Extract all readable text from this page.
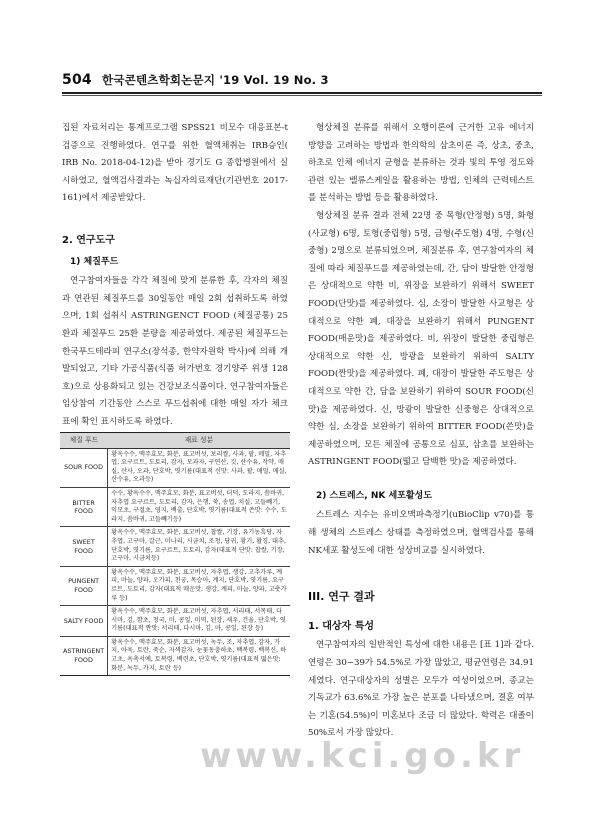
504 한국콘텐츠학회논문지 '19 Vol. 19 No. 3

집된 자료처리는 통계프로그램 SPSS21 비모수 대응표본-t검증으로 진행하였다. 연구를 위한 혈액채취는 IRB승인( IRB No. 2018-04-12)을 받아 경기도 G 종합병원에서 실시하였고, 혈액검사결과는 녹십자의료재단(기관번호 2017-161)에서 제공받았다.

2. 연구도구

1) 체질푸드

연구참여자들을 각각 체질에 맞게 분류한 후, 각자의 체질과 연관된 체질푸드를 30일동안 매일 2회 섭취하도록 하였으며, 1회 섭취시 ASTRINGENCT FOOD (체질공통) 25환과 체질푸드 25환 분량을 제공하였다. 제공된 체질푸드는 한국푸드테라피 연구소(장석종, 한약자원학 박사)에 의해 개발되었고, 기타 가공식품(식품 허가번호 경기양주 위생 128호)으로 상용화되고 있는 건강보조식품이다. 연구참여자들은 임상참여 기간동안 스스로 푸드섭취에 대한 매일 자가 체크표에 확인 표시하도록 하였다.

체질 푸드	재료 성분
SOUR FOOD	황옥수수, 맥주효모, 화분, 표고버섯, 보리쌀, 사과, 팥, 메밀, 자추엽, 요구르트, 도토리, 감자, 모과자, 구연산, 깃, 산수유, 작약, 매실, 산사, 오과, 단호박, 엿기름(대표적 신맛: 사과, 팥, 매밀, 매실, 산수유, 오과등)
BITTER FOOD	수수, 황옥수수, 맥주효모, 화분, 표고버섯, 더덕, 도라지, 씀바귀, 자추엽 요구르트, 도토리, 감자, 은행, 쑥, 송엽, 치실, 고들빼기, 익모초, 구절초, 영지, 백출, 단호박, 엿기름(대표적 쓴맛: 수수, 도라지, 씀바귀, 고들빼기등)
SWEET FOOD	황옥수수, 맥주효모, 화분, 표고버섯, 찹쌀, 기장, 유기농흑당, 자추엽, 고구마, 갈근, 미나리, 시금치, 조청, 당귀, 황기, 활징, 대추, 단호박, 엿기름, 요구르트, 도토리, 감자(대표적 단맛: 찹쌀, 기장, 고구마, 시금치등)
PUNGENT FOOD	황옥수수, 맥주효모, 화분, 표고버섯, 자추엽, 생강, 고추가루, 계피, 마늘, 양파, 오가피, 천궁, 목승아, 계지, 단호박, 엿기름, 요구르트, 도토리, 감자(대표적 매운맛: 생강, 계피, 마늘, 양파, 고춧가루 등)
SALTY FOOD	황옥수수, 맥주효모, 화분, 표고버섯, 자추엽, 서리태, 서목태, 다시마, 김, 함초, 청국, 미, 콩잎, 미역, 된장, 새우, 건율, 단호박, 엿기름(대표적 짠맛: 서리태, 다시마, 김, 마, 콩잎, 된장 등)
ASTRINGENT FOOD	황옥수수, 맥주효모, 화분, 표고버섯, 녹두, 조, 자추엽, 감자, 가지, 아욱, 토란, 죽순, 자색감자, 눈꽃동충하초, 백복령, 백복신, 하고초, 옥촉서예, 토복령, 백련초, 단호박, 엿기름(대표적 떫은맛: 화분, 녹두, 가지, 토란 등)

형상체질 분류를 위해서 오행이론에 근거한 고유 에너지 방향을 고려하는 방법과 한의학의 삼초이론 즉, 상초, 중초, 하초로 인체 에너지 균형을 분류하는 것과 빛의 투영 정도와 관련 있는 밸류스케일을 활용하는 방법, 인체의 근력테스트를 분석하는 방법 등을 활용하였다.

형상체질 분류 결과 전체 22명 중 목형(안정형) 5명, 화형(사교형) 6명, 토형(중립형) 5명, 금형(주도형) 4명, 수형(신중형) 2명으로 분류되었으며, 체질분류 후, 연구참여자의 체질에 따라 체질푸드를 제공하였는데, 간, 담이 발달한 안정형은 상대적으로 약한 비, 위장을 보완하기 위해서 SWEET FOOD(단맛)를 제공하였다. 심, 소장이 발달한 사교형은 상대적으로 약한 폐, 대장을 보완하기 위해서 PUNGENT FOOD(매운맛)을 제공하였다. 비, 위장이 발달한 중립형은 상대적으로 약한 신, 방광을 보완하기 위하여 SALTY FOOD(짠맛)을 제공하였다. 폐, 대장이 발달한 주도형은 상대적으로 약한 간, 담을 보완하기 위하여 SOUR FOOD(신맛)을 제공하였다. 신, 방광이 발달한 신중형은 상대적으로 약한 심, 소장을 보완하기 위하여 BITTER FOOD(쓴맛)을 제공하였으며, 모든 체질에 공통으로 심포, 삼초를 보완하는 ASTRINGENT FOOD(떫고 담백한 맛)을 제공하였다.

2) 스트레스, NK 세포활성도

스트레스 지수는 유비오맥파측정기(uBioClip v70)를 통해 생체의 스트레스 상태를 측정하였으며, 혈액검사를 통해 NK세포 활성도에 대한 성상비교를 실시하였다.

III. 연구 결과

1. 대상자 특성

연구참여자의 일반적인 특성에 대한 내용은 [표 1]과 같다. 연령은 30~39가 54.5%로 가장 많았고, 평균연령은 34.91세였다. 연구대상자의 성별은 모두가 여성이었으며, 종교는 기독교가 63.6%로 가장 높은 분포를 나타냈으며, 결혼 여부는 기혼(54.5%)이 미혼보다 조금 더 많았다. 학력은 대졸이 50%로서 가장 많았다.

www.kci.go.kr
